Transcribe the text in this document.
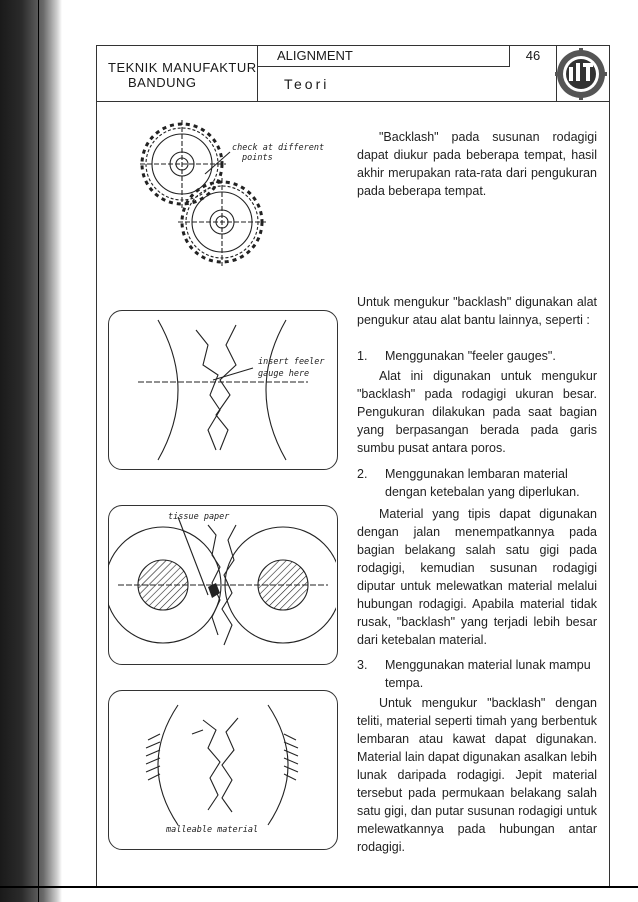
TEKNIK MANUFAKTUR
BANDUNG
ALIGNMENT	46
Teori
check at different
points
insert feeler
gauge here
tissue paper
malleable material
"Backlash" pada susunan rodagigi dapat diukur pada beberapa tempat, hasil akhir merupakan rata-rata dari pengukuran pada beberapa tempat.
Untuk mengukur "backlash" digunakan alat pengukur atau alat bantu lainnya, seperti :
1.	Menggunakan "feeler gauges".
Alat ini digunakan untuk mengukur "backlash" pada rodagigi ukuran besar. Pengukuran dilakukan pada saat bagian yang berpasangan berada pada garis sumbu pusat antara poros.
2.	Menggunakan lembaran material dengan ketebalan yang diperlukan.
Material yang tipis dapat digunakan dengan jalan menempatkannya pada bagian belakang salah satu gigi pada rodagigi, kemudian susunan rodagigi diputar untuk melewatkan material melalui hubungan rodagigi. Apabila material tidak rusak, "backlash" yang terjadi lebih besar dari ketebalan material.
3.	Menggunakan material lunak mampu tempa.
Untuk mengukur "backlash" dengan teliti, material seperti timah yang berbentuk lembaran atau kawat dapat digunakan. Material lain dapat digunakan asalkan lebih lunak daripada rodagigi. Jepit material tersebut pada permukaan belakang salah satu gigi, dan putar susunan rodagigi untuk melewatkannya pada hubungan antar rodagigi.
